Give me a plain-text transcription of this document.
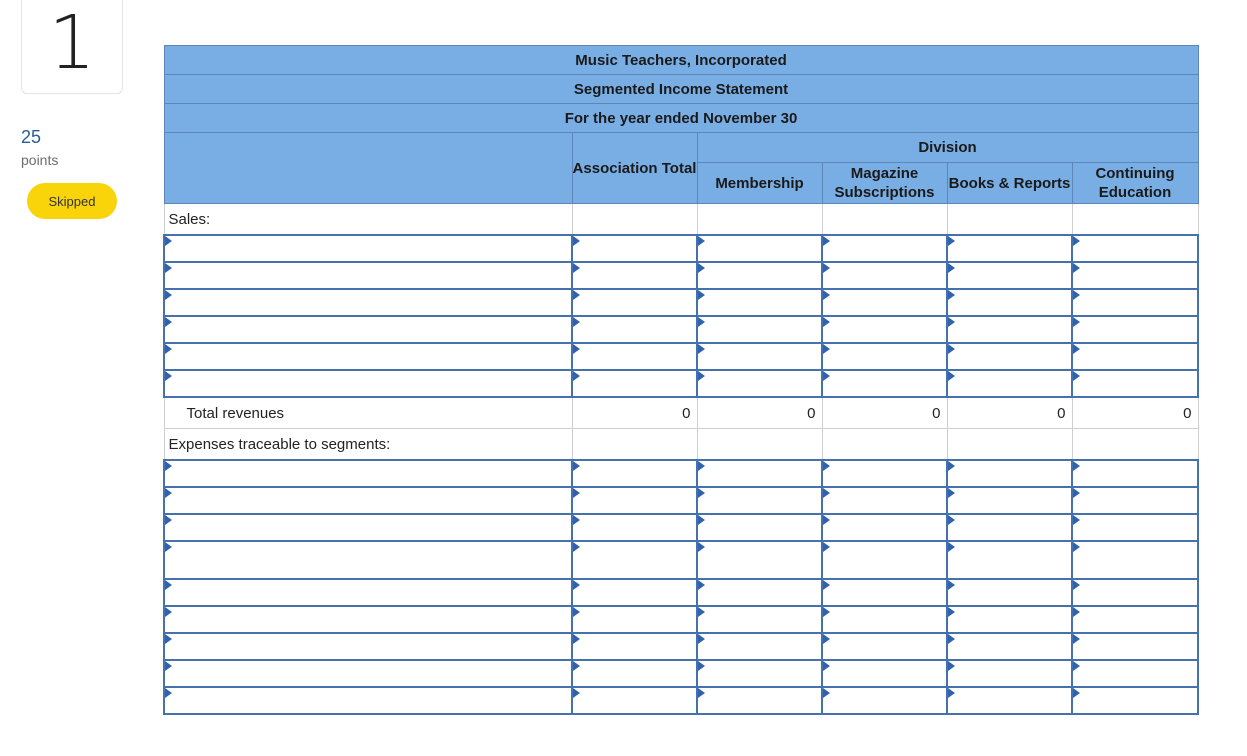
1
25
points
Skipped
Music Teachers, Incorporated					
Segmented Income Statement					
For the year ended November 30					
	Association Total	Division			
		Membership	Magazine Subscriptions	Books & Reports	Continuing Education
Sales:					

Total revenues	0	0	0	0	0
Expenses traceable to segments:					
